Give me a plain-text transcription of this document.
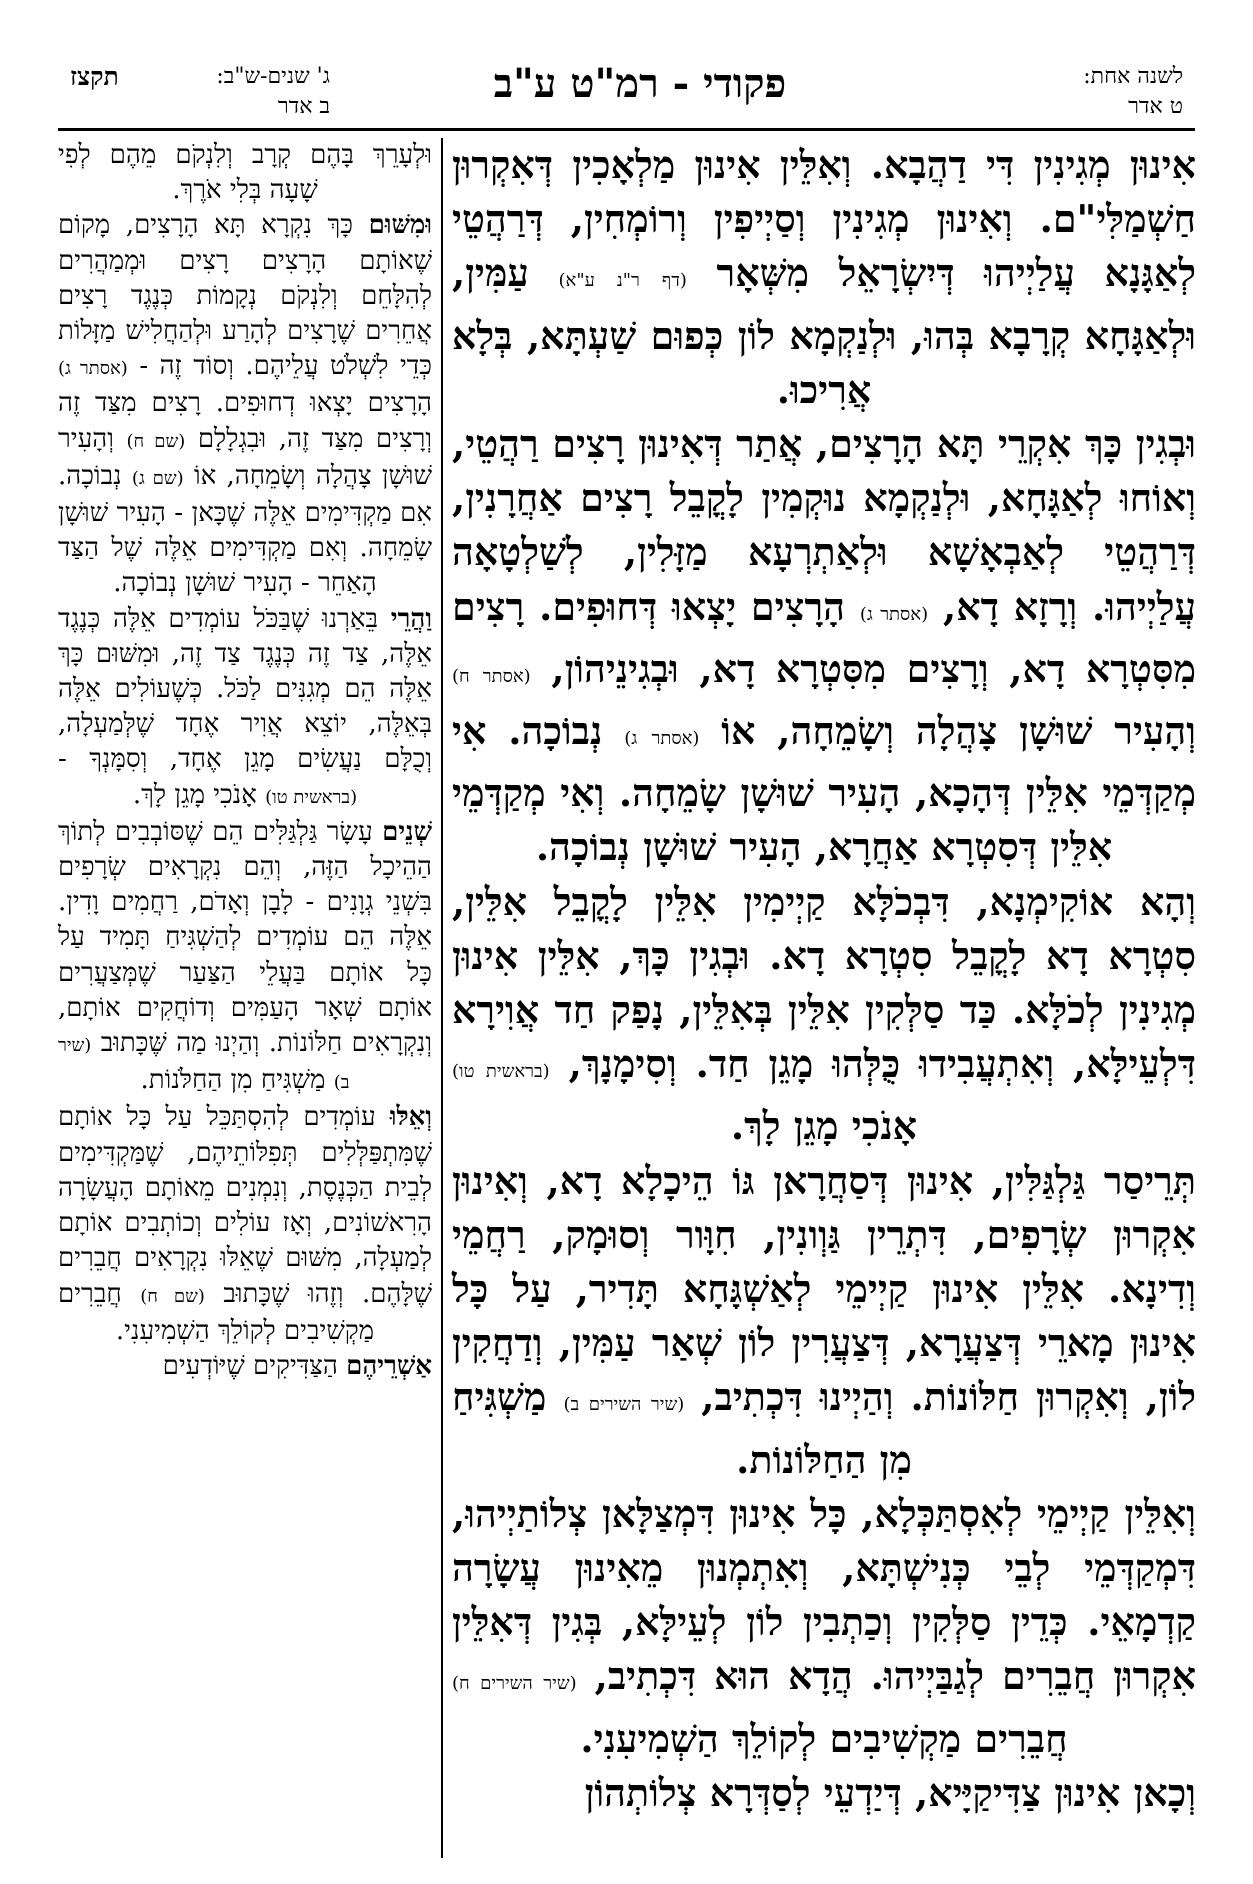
תקצז	ג' שנים-ש"ב:
ב אדר	פקודי - רמ"ט ע"ב	לשנה אחת:
ט אדר

אִינוּן מְגִינִין דִּי דַהֲבָא. וְאִלֵּין אִינוּן מַלְאָכִין דְּאִקְרוּן חַשְׁמַלִּי"ם. וְאִינוּן מְגִינִין וְסַיְיפִין וְרוֹמְחִין, דְּרַהֲטֵי לְאַגָּנָא עֲלַיְיהוּ דְּיִשְׂרָאֵל מִשְּׁאָר (דף ר"נ ע"א) עַמִּין, וּלְאַגָּחָא קְרָבָא בְּהוּ, וּלְנַקְמָא לוֹן כְּפוּם שַׁעְתָּא, בְּלָא אֲרִיכוּ.

וּבְגִין כָּךְ אִקְרֵי תָּא הָרָצִים, אֲתַר דְּאִינוּן רָצִים רַהֲטֵי, וְאוֹחוּ לְאַגָּחָא, וּלְנַקְמָא נוּקְמִין לָקֳבֵל רָצִים אַחֲרָנִין, דְּרַהֲטֵי לְאַבְאָשָׁא וּלְאַתְרְעָא מַזָּלִין, לְשַׁלְטָאָה עֲלַיְיהוּ. וְרָזָא דָא, (אסתר ג) הָרָצִים יָצְאוּ דְּחוּפִים. רָצִים מִסִּטְרָא דָא, וְרָצִים מִסִּטְרָא דָא, וּבְגִינֵיהוֹן, (אסתר ח) וְהָעִיר שׁוּשָׁן צָהֲלָה וְשָׂמֵחָה, אוֹ (אסתר ג) נְבוֹכָה. אִי מְקַדְּמֵי אִלֵּין דְּהָכָא, הָעִיר שׁוּשָׁן שָׂמֵחָה. וְאִי מְקַדְּמֵי אִלֵּין דְּסִטְרָא אַחֲרָא, הָעִיר שׁוּשָׁן נְבוֹכָה.

וְהָא אוֹקִימְנָא, דִּבְכֹלָּא קַיְימִין אִלֵּין לָקֳבֵל אִלֵּין, סִטְרָא דָא לָקֳבֵל סִטְרָא דָא. וּבְגִין כָּךְ, אִלֵּין אִינוּן מְגִינִין לְכֹלָּא. כַּד סַלְּקִין אִלֵּין בְּאִלֵּין, נָפַק חַד אֲוִירָא דִּלְעֵילָּא, וְאִתְעֲבִידוּ כֻּלְּהוּ מָגֵן חַד. וְסִימָנָךְ, (בראשית טו) אָנֹכִי מָגֵן לָךְ.

תְּרֵיסַר גַּלְגַּלִּין, אִינוּן דְּסַחֲרָאן גּוֹ הֵיכָלָא דָא, וְאִינוּן אִקְרוּן שְׂרָפִים, דִּתְרֵין גַּוְונִין, חִוָּור וְסוּמָק, רַחֲמֵי וְדִינָא. אִלֵּין אִינוּן קַיְימֵי לְאַשְׁגָּחָא תָּדִיר, עַל כָּל אִינוּן מָארֵי דְּצַעֲרָא, דְּצַעֲרִין לוֹן שְׁאַר עַמִּין, וְדַחֲקִין לוֹן, וְאִקְרוּן חַלּוֹנוֹת. וְהַיְינוּ דִּכְתִיב, (שיר השירים ב) מַשְׁגִּיחַ מִן הַחַלּוֹנוֹת.

וְאִלֵּין קַיְימֵי לְאִסְתַּכְּלָא, כָּל אִינוּן דִּמְצַלָּאן צְלוֹתַיְיהוּ, דִּמְקַדְּמֵי לְבֵי כְּנִישְׁתָּא, וְאִתְמְנוּן מֵאִינוּן עֲשָׂרָה קַדְמָאֵי. כְּדֵין סַלְּקִין וְכַתְבִין לוֹן לְעֵילָּא, בְּגִין דְּאִלֵּין אִקְרוּן חֲבֵרִים לְגַבַּיְיהוּ. הֲדָא הוּא דִּכְתִיב, (שיר השירים ח) חֲבֵרִים מַקְשִׁיבִים לְקוֹלֵךְ הַשְׁמִיעִנִי.

וְכָאן אִינוּן צַדִּיקַיָּיא, דְּיַדְעֵי לְסַדְּרָא צְלוֹתְהוֹן

וּלְעָרֵךְ בָּהֶם קְרָב וְלִנְקֹם מֵהֶם לְפִי שָׁעָה בְּלִי אֹרֶךְ.

וּמִשּׁוּם כָּךְ נִקְרָא תָּא הָרָצִים, מָקוֹם שֶׁאוֹתָם הָרָצִים רָצִים וּמְמַהֲרִים לְהִלָּחֵם וְלִנְקֹם נְקָמוֹת כְּנֶגֶד רָצִים אֲחֵרִים שֶׁרָצִים לְהָרַע וּלְהַחֲלִישׁ מַזָּלוֹת כְּדֵי לִשְׁלֹט עֲלֵיהֶם. וְסוֹד זֶה - (אסתר ג) הָרָצִים יָצְאוּ דְחוּפִים. רָצִים מִצַּד זֶה וְרָצִים מִצַּד זֶה, וּבִגְלָלָם (שם ח) וְהָעִיר שׁוּשָׁן צָהֲלָה וְשָׂמֵחָה, אוֹ (שם ג) נְבוֹכָה. אִם מַקְדִּימִים אֵלֶּה שֶׁכָּאן - הָעִיר שׁוּשָׁן שָׂמֵחָה. וְאִם מַקְדִּימִים אֵלֶּה שֶׁל הַצַּד הָאַחֵר - הָעִיר שׁוּשָׁן נְבוֹכָה.

וַהֲרֵי בֵּאַרְנוּ שֶׁבַּכֹּל עוֹמְדִים אֵלֶּה כְּנֶגֶד אֵלֶּה, צַד זֶה כְּנֶגֶד צַד זֶה, וּמִשּׁוּם כָּךְ אֵלֶּה הֵם מְגִנִּים לַכֹּל. כְּשֶׁעוֹלִים אֵלֶּה בְּאֵלֶּה, יוֹצֵא אֲוִיר אֶחָד שֶׁלְּמַעְלָה, וְכֻלָּם נַעֲשִׂים מָגֵן אֶחָד, וְסִמָּנְךָ - (בראשית טו) אָנֹכִי מָגֵן לָךְ.

שְׁנֵים עָשָׂר גַּלְגַּלִּים הֵם שֶׁסּוֹבְבִים לְתוֹךְ הַהֵיכָל הַזֶּה, וְהֵם נִקְרָאִים שְׂרָפִים בִּשְׁנֵי גְוָנִים - לָבָן וְאָדֹם, רַחֲמִים וָדִין. אֵלֶּה הֵם עוֹמְדִים לְהַשְׁגִּיחַ תָּמִיד עַל כָּל אוֹתָם בַּעֲלֵי הַצַּעַר שֶׁמְּצַעֲרִים אוֹתָם שְׁאָר הָעַמִּים וְדוֹחֲקִים אוֹתָם, וְנִקְרָאִים חַלּוֹנוֹת. וְהַיְנוּ מַה שֶּׁכָּתוּב (שיר ב) מַשְׁגִּיחַ מִן הַחַלֹּנוֹת.

וְאֵלּוּ עוֹמְדִים לְהִסְתַּכֵּל עַל כָּל אוֹתָם שֶׁמִּתְפַּלְּלִים תְּפִלּוֹתֵיהֶם, שֶׁמַּקְדִּימִים לְבֵית הַכְּנֶסֶת, וְנִמְנִים מֵאוֹתָם הָעֲשָׂרָה הָרִאשׁוֹנִים, וְאָז עוֹלִים וְכוֹתְבִים אוֹתָם לְמַעְלָה, מִשּׁוּם שֶׁאֵלּוּ נִקְרָאִים חֲבֵרִים שֶׁלָּהֶם. וְזֶהוּ שֶׁכָּתוּב (שם ח) חֲבֵרִים מַקְשִׁיבִים לְקוֹלֵךְ הַשְׁמִיעִנִי.

אַשְׁרֵיהֶם הַצַּדִּיקִים שֶׁיּוֹדְעִים
